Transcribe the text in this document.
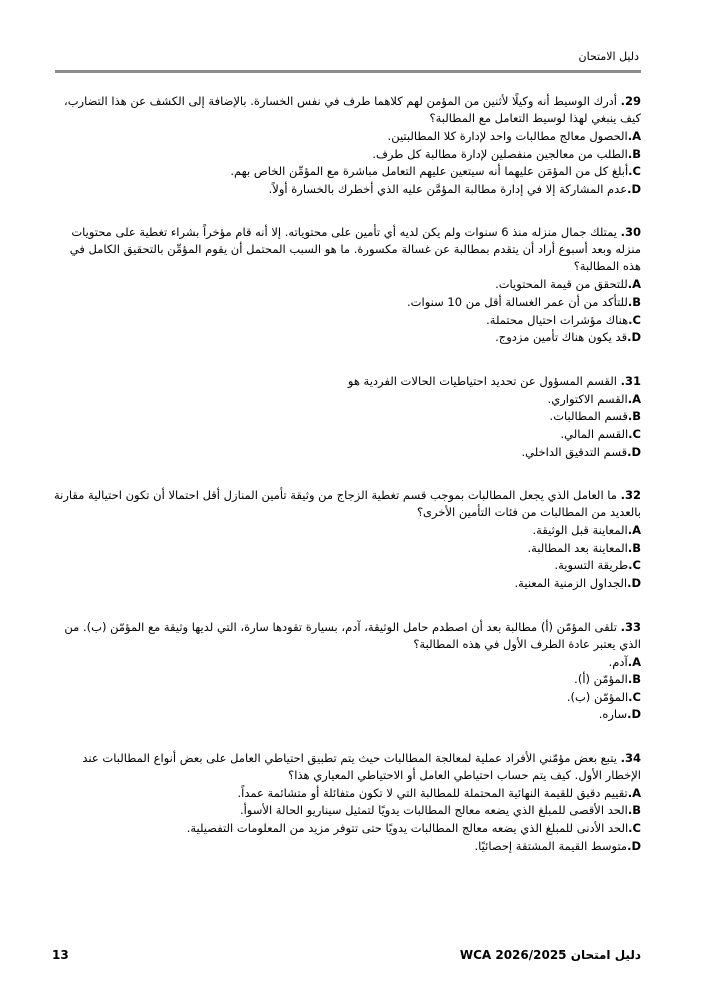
دليل الامتحان
29. أدرك الوسيط أنه وكيلًا لأثنين من المؤمن لهم كلاهما طرف في نفس الخسارة. بالإضافة إلى الكشف عن هذا التضارب، كيف ينبغي لهذا لوسيط التعامل مع المطالبة؟
A.الحصول معالج مطالبات واحد لإدارة كلا المطالبتين.
B.الطلب من معالجين منفصلين لإدارة مطالبة كل طرف.
C.أبلغ كل من المؤمَن عليهما أنه سيتعين عليهم التعامل مباشرة مع المؤمِّن الخاص بهم.
D.عدم المشاركة إلا في إدارة مطالبة المؤمَّن عليه الذي أخطرك بالخسارة أولاً.
30. يمتلك جمال منزله منذ 6 سنوات ولم يكن لديه أي تأمين على محتوياته. إلا أنه قام مؤخراً بشراء تغطية على محتويات منزله وبعد أسبوع أراد أن يتقدم بمطالبة عن غسالة مكسورة. ما هو السبب المحتمل أن يقوم المؤمِّن بالتحقيق الكامل في هذه المطالبة؟
A.للتحقق من قيمة المحتويات.
B.للتأكد من أن عمر الغسالة أقل من 10 سنوات.
C.هناك مؤشرات احتيال محتملة.
D.قد يكون هناك تأمين مزدوج.
31. القسم المسؤول عن تحديد احتياطيات الحالات الفردية هو
A.القسم الاكتواري.
B.قسم المطالبات.
C.القسم المالي.
D.قسم التدقيق الداخلي.
32. ما العامل الذي يجعل المطالبات بموجب قسم تغطية الزجاج من وثيقة تأمين المنازل أقل احتمالا أن تكون احتيالية مقارنة بالعديد من المطالبات من فئات التأمين الأخرى؟
A.المعاينة قبل الوثيقة.
B.المعاينة بعد المطالبة.
C.طريقة التسوية.
D.الجداول الزمنية المعنية.
33. تلقى المؤمّن (أ) مطالبة بعد أن اصطدم حامل الوثيقة، آدم، بسيارة تقودها سارة، التي لديها وثيقة مع المؤمّن (ب). من الذي يعتبر عادة الطرف الأول في هذه المطالبة؟
A.آدم.
B.المؤمّن (أ).
C.المؤمّن (ب).
D.ساره.
34. يتبع بعض مؤمّني الأفراد عملية لمعالجة المطالبات حيث يتم تطبيق احتياطي العامل على بعض أنواع المطالبات عند الإخطار الأول. كيف يتم حساب احتياطي العامل أو الاحتياطي المعياري هذا؟
A.تقييم دقيق للقيمة النهائية المحتملة للمطالبة التي لا تكون متفائلة أو متشائمة عمداً.
B.الحد الأقصى للمبلغ الذي يضعه معالج المطالبات يدويًا لتمثيل سيناريو الحالة الأسوأ.
C.الحد الأدنى للمبلغ الذي يضعه معالج المطالبات يدويًا حتى تتوفر مزيد من المعلومات التفصيلية.
D.متوسط القيمة المشتقة إحصائيًا.
13	دليل امتحان WCA 2026/2025
